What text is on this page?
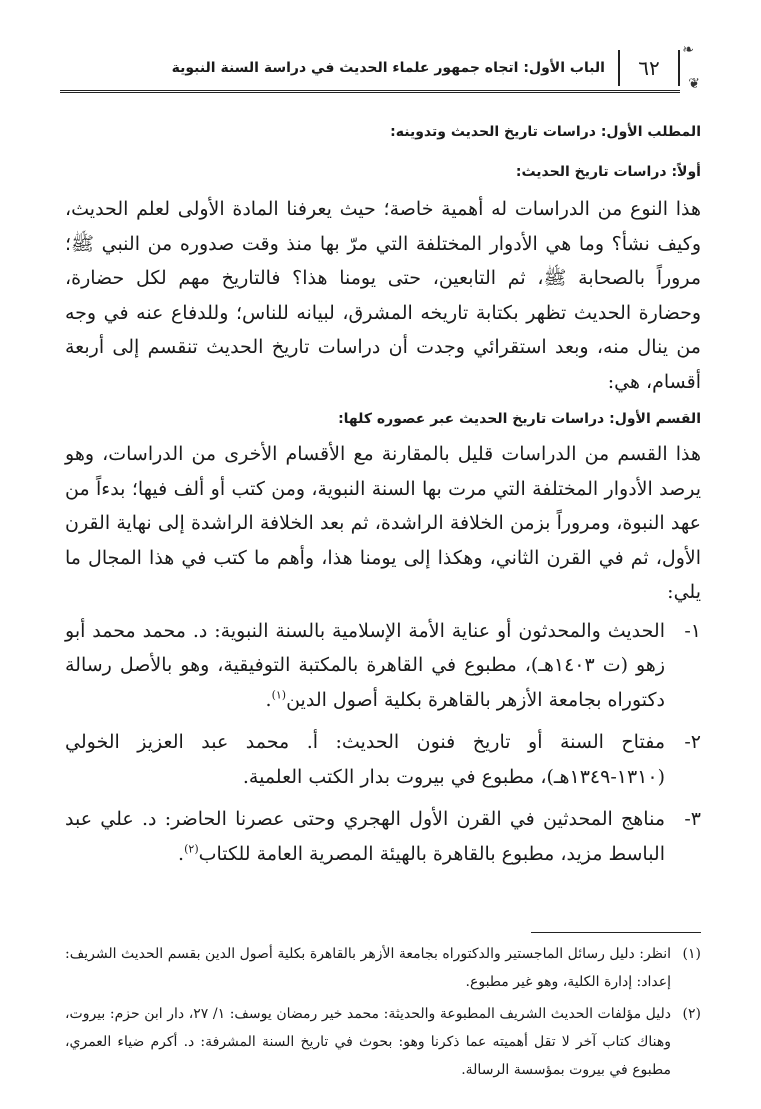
❧
❦
٦٢
الباب الأول: اتجاه جمهور علماء الحديث في دراسة السنة النبوية
المطلب الأول: دراسات تاريخ الحديث وتدوينه:
أولاً: دراسات تاريخ الحديث:

هذا النوع من الدراسات له أهمية خاصة؛ حيث يعرفنا المادة الأولى لعلم الحديث، وكيف نشأ؟ وما هي الأدوار المختلفة التي مرّ بها منذ وقت صدوره من النبي ﷺ؛ مروراً بالصحابة ﷺ، ثم التابعين، حتى يومنا هذا؟ فالتاريخ مهم لكل حضارة، وحضارة الحديث تظهر بكتابة تاريخه المشرق، لبيانه للناس؛ وللدفاع عنه في وجه من ينال منه، وبعد استقرائي وجدت أن دراسات تاريخ الحديث تنقسم إلى أربعة أقسام، هي:

القسم الأول: دراسات تاريخ الحديث عبر عصوره كلها:

هذا القسم من الدراسات قليل بالمقارنة مع الأقسام الأخرى من الدراسات، وهو يرصد الأدوار المختلفة التي مرت بها السنة النبوية، ومن كتب أو ألف فيها؛ بدءاً من عهد النبوة، ومروراً بزمن الخلافة الراشدة، ثم بعد الخلافة الراشدة إلى نهاية القرن الأول، ثم في القرن الثاني، وهكذا إلى يومنا هذا، وأهم ما كتب في هذا المجال ما يلي:

١-
الحديث والمحدثون أو عناية الأمة الإسلامية بالسنة النبوية: د. محمد محمد أبو زهو (ت ١٤٠٣هـ)، مطبوع في القاهرة بالمكتبة التوفيقية، وهو بالأصل رسالة دكتوراه بجامعة الأزهر بالقاهرة بكلية أصول الدين$^{(١)}$.
٢-
مفتاح السنة أو تاريخ فنون الحديث: أ. محمد عبد العزيز الخولي (١٣١٠-١٣٤٩هـ)، مطبوع في بيروت بدار الكتب العلمية.
٣-
مناهج المحدثين في القرن الأول الهجري وحتى عصرنا الحاضر: د. علي عبد الباسط مزيد، مطبوع بالقاهرة بالهيئة المصرية العامة للكتاب$^{(٢)}$.

(١)
انظر: دليل رسائل الماجستير والدكتوراه بجامعة الأزهر بالقاهرة بكلية أصول الدين بقسم الحديث الشريف: إعداد: إدارة الكلية، وهو غير مطبوع.

(٢)
دليل مؤلفات الحديث الشريف المطبوعة والحديثة: محمد خير رمضان يوسف: ١/ ٢٧، دار ابن حزم: بيروت، وهناك كتاب آخر لا تقل أهميته عما ذكرنا وهو: بحوث في تاريخ السنة المشرفة: د. أكرم ضياء العمري، مطبوع في بيروت بمؤسسة الرسالة.
